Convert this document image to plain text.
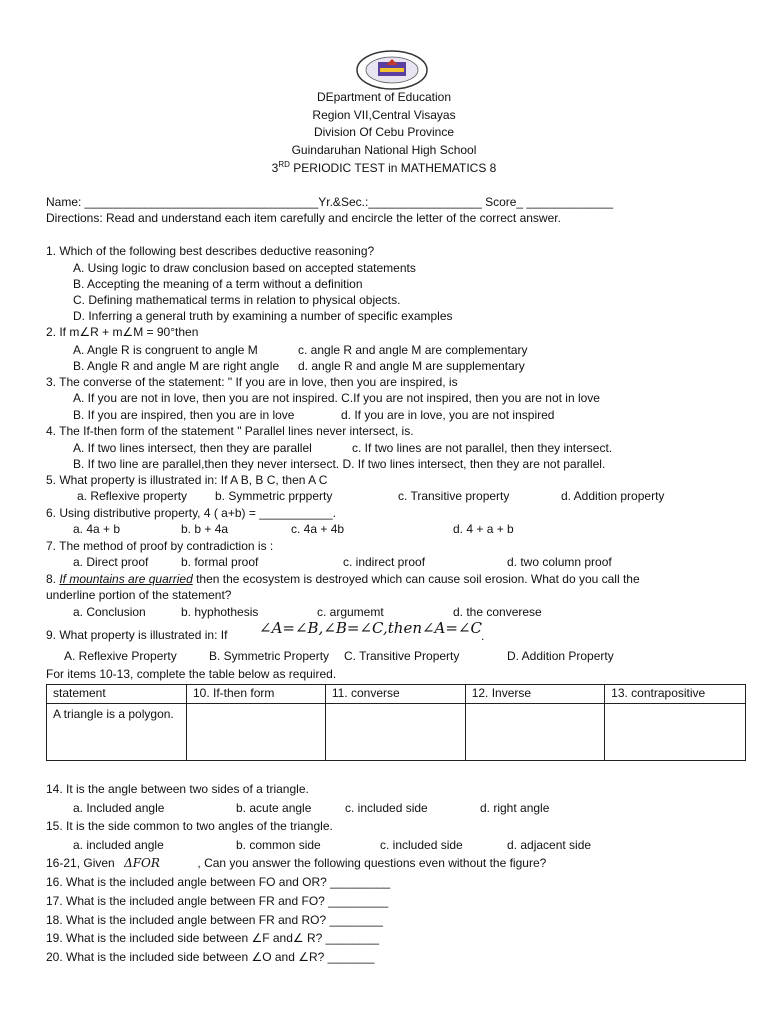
DEpartment of Education
Region VII,Central Visayas
Division Of Cebu Province
Guindaruhan National High School
3RD PERIODIC TEST in MATHEMATICS 8
Name: ___________________________________Yr.&Sec.:_________________ Score_ _____________
Directions: Read and understand each item carefully and encircle the letter of the correct answer.
1. Which of the following best describes deductive reasoning?
A. Using logic to draw conclusion based on accepted statements
B. Accepting the meaning of a term without a definition
C. Defining mathematical terms in relation to physical objects.
D. Inferring a general truth by examining a number of specific examples
2. If m∠R + m∠M = 90°then
A. Angle R is congruent to angle M	c. angle R and angle M are complementary
B. Angle R and angle M are right angle d. angle R and angle M are supplementary
3. The converse of the statement: " If you are in love, then you are inspired, is
A. If you are not in love, then you are not inspired. C.If you are not inspired, then you are not in love
B. If you are inspired, then you are in love	d. If you are in love, you are not inspired
4. The If-then form of the statement " Parallel lines never intersect, is.
A. If two lines intersect, then they are parallel	c. If two lines are not parallel, then they intersect.
B. If two line are parallel,then they never intersect. D. If two lines intersect, then they are not parallel.
5. What property is illustrated in: If A B, B C, then A C
a. Reflexive property b. Symmetric prpperty	c. Transitive property	d. Addition property
6. Using distributive property, 4 ( a+b) = ___________.
a. 4a + b	b. b + 4a	c. 4a + 4b	d. 4 + a + b
7. The method of proof by contradiction is :
a. Direct proof	b. formal proof	c. indirect proof	d. two column proof
8. If mountains are quarried then the ecosystem is destroyed which can cause soil erosion. What do you call the
underline portion of the statement?
a. Conclusion	b. hyphothesis	c. argumemt	d. the converese
9. What property is illustrated in: If ∠A=∠B,∠B=∠C,then∠A=∠C
.
A. Reflexive Property	B. Symmetric Property C. Transitive Property	D. Addition Property
For items 10-13, complete the table below as required.
statement	10. If-then form	11. converse	12. Inverse	13. contrapositive
A triangle is a polygon.				
14. It is the angle between two sides of a triangle.
a. Included angle	b. acute angle	c. included side	d. right angle
15. It is the side common to two angles of the triangle.
a. included angle	b. common side	c. included side	d. adjacent side
16-21, Given ΔFOR	, Can you answer the following questions even without the figure?
16. What is the included angle between FO and OR? _________
17. What is the included angle between FR and FO? _________
18. What is the included angle between FR and RO? ________
19. What is the included side between ∠F and∠ R? ________
20. What is the included side between ∠O and ∠R? _______
